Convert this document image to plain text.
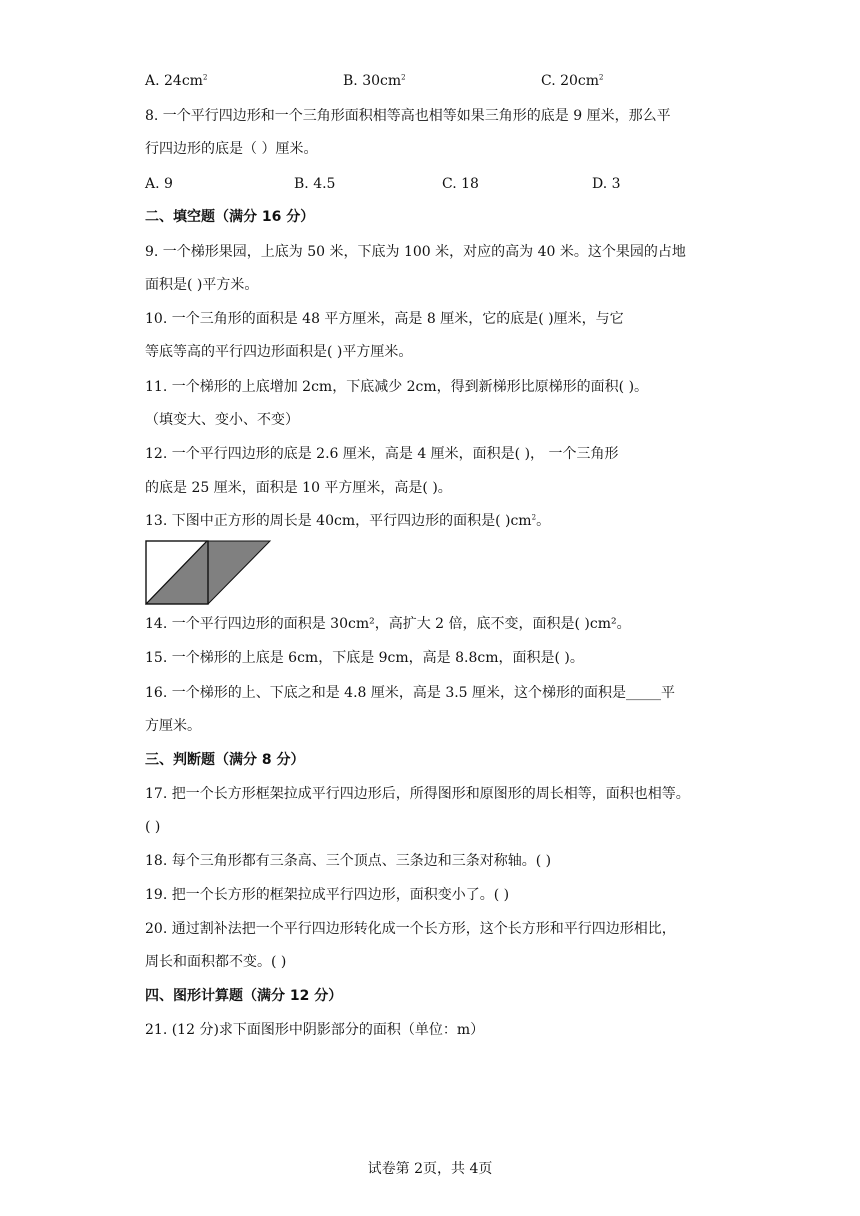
A. $24cm^2$	B. $30cm^2$	C. $20cm^2$
8. 一个平行四边形和一个三角形面积相等高也相等如果三角形的底是 9 厘米，那么平
行四边形的底是（ ）厘米。
A. 9	B. 4.5	C. 18	D. 3
二、填空题（满分 16 分）
9. 一个梯形果园，上底为 50 米，下底为 100 米，对应的高为 40 米。这个果园的占地
面积是( )平方米。
10. 一个三角形的面积是 48 平方厘米，高是 8 厘米，它的底是( )厘米，与它
等底等高的平行四边形面积是( )平方厘米。
11. 一个梯形的上底增加 2cm，下底减少 2cm，得到新梯形比原梯形的面积( )。
（填变大、变小、不变）
12. 一个平行四边形的底是 2.6 厘米，高是 4 厘米，面积是( )， 一个三角形
的底是 25 厘米，面积是 10 平方厘米，高是( )。
13. 下图中正方形的周长是 40cm，平行四边形的面积是( )$cm^2$。
14. 一个平行四边形的面积是 30cm²，高扩大 2 倍，底不变，面积是( )cm²。
15. 一个梯形的上底是 6cm，下底是 9cm，高是 8.8cm，面积是( )。
16. 一个梯形的上、下底之和是 4.8 厘米，高是 3.5 厘米，这个梯形的面积是_____平
方厘米。
三、判断题（满分 8 分）
17. 把一个长方形框架拉成平行四边形后，所得图形和原图形的周长相等，面积也相等。
( )
18. 每个三角形都有三条高、三个顶点、三条边和三条对称轴。( )
19. 把一个长方形的框架拉成平行四边形，面积变小了。( )
20. 通过割补法把一个平行四边形转化成一个长方形，这个长方形和平行四边形相比，
周长和面积都不变。( )
四、图形计算题（满分 12 分）
21. (12 分)求下面图形中阴影部分的面积（单位：m）
试卷第 2页，共 4页
